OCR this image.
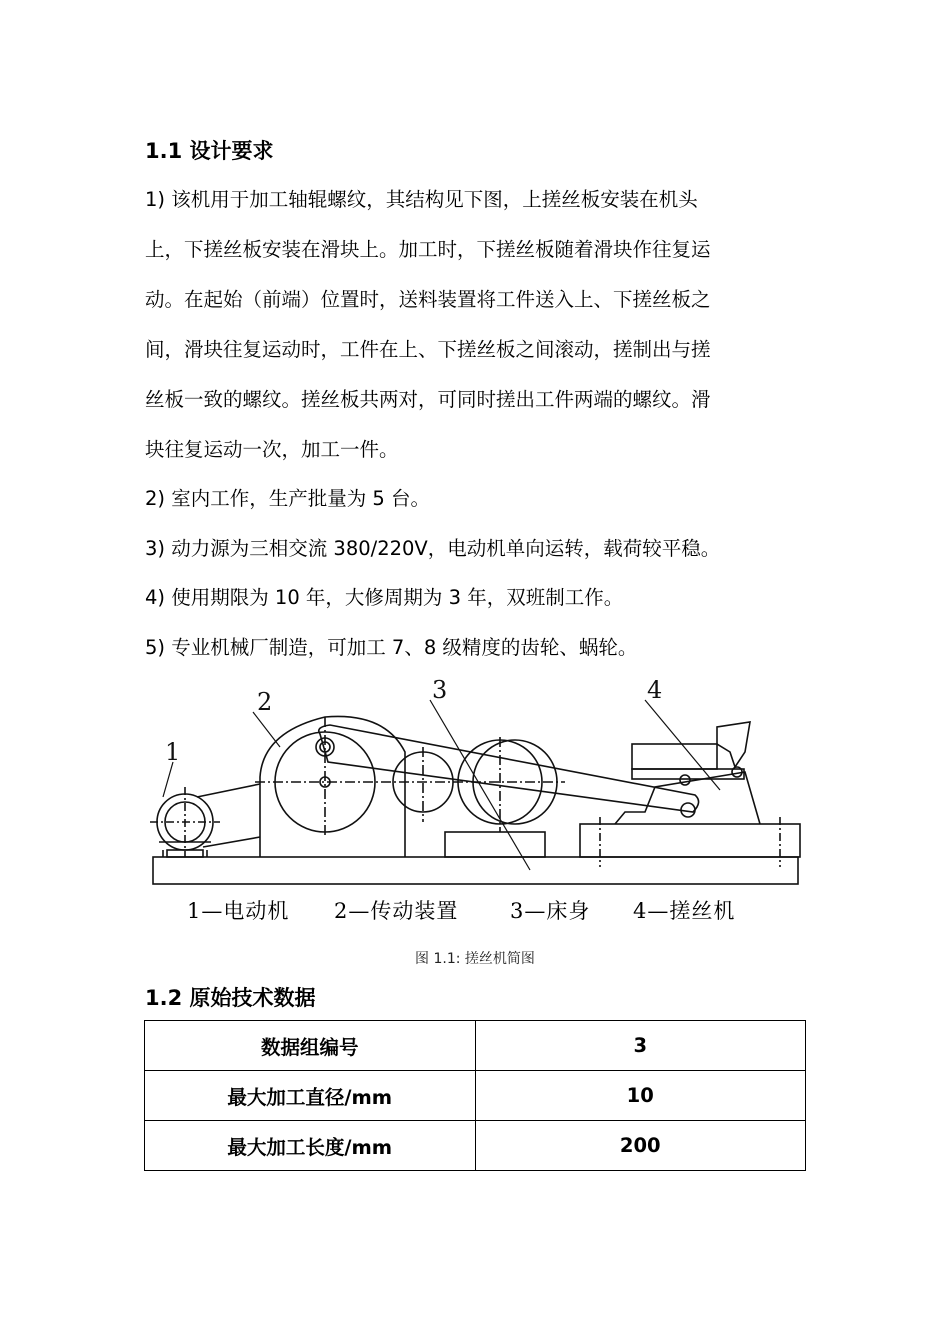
1.1 设计要求
1) 该机用于加工轴辊螺纹，其结构见下图，上搓丝板安装在机头
上，下搓丝板安装在滑块上。加工时，下搓丝板随着滑块作往复运
动。在起始（前端）位置时，送料装置将工件送入上、下搓丝板之
间，滑块往复运动时，工件在上、下搓丝板之间滚动，搓制出与搓
丝板一致的螺纹。搓丝板共两对，可同时搓出工件两端的螺纹。滑
块往复运动一次，加工一件。
2) 室内工作，生产批量为 5 台。
3) 动力源为三相交流 380/220V，电动机单向运转，载荷较平稳。
4) 使用期限为 10 年，大修周期为 3 年，双班制工作。
5) 专业机械厂制造，可加工 7、8 级精度的齿轮、蜗轮。
1
2	3	4
1—电动机 2—传动装置 3—床身 4—搓丝机
图 1.1: 搓丝机简图
1.2 原始技术数据
数据组编号	3
最大加工直径/mm	10
最大加工长度/mm	200
